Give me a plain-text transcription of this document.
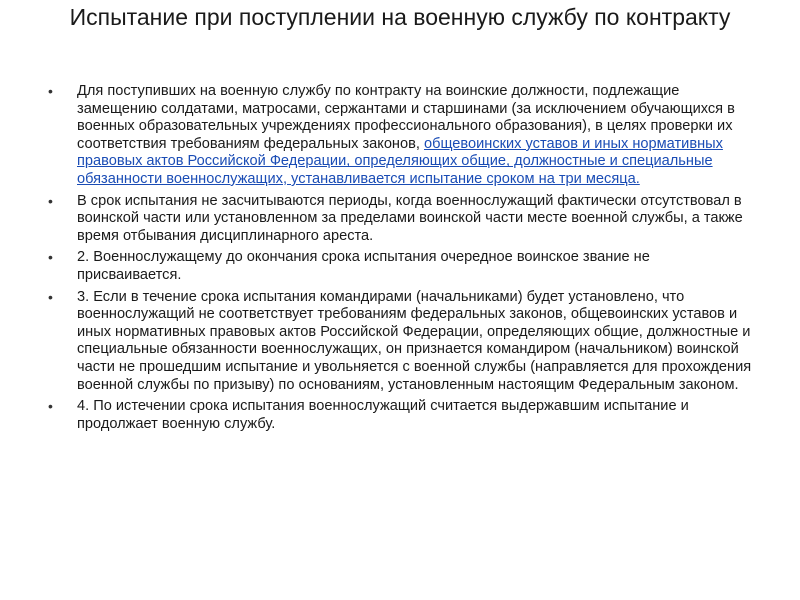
Испытание при поступлении на военную службу по контракту
• Для поступивших на военную службу по контракту на воинские должности, подлежащие замещению солдатами, матросами, сержантами и старшинами (за исключением обучающихся в военных образовательных учреждениях профессионального образования), в целях проверки их соответствия требованиям федеральных законов, общевоинских уставов и иных нормативных правовых актов Российской Федерации, определяющих общие, должностные и специальные обязанности военнослужащих, устанавливается испытание сроком на три месяца.
• В срок испытания не засчитываются периоды, когда военнослужащий фактически отсутствовал в воинской части или установленном за пределами воинской части месте военной службы, а также время отбывания дисциплинарного ареста.
• 2. Военнослужащему до окончания срока испытания очередное воинское звание не присваивается.
• 3. Если в течение срока испытания командирами (начальниками) будет установлено, что военнослужащий не соответствует требованиям федеральных законов, общевоинских уставов и иных нормативных правовых актов Российской Федерации, определяющих общие, должностные и специальные обязанности военнослужащих, он признается командиром (начальником) воинской части не прошедшим испытание и увольняется с военной службы (направляется для прохождения военной службы по призыву) по основаниям, установленным настоящим Федеральным законом.
• 4. По истечении срока испытания военнослужащий считается выдержавшим испытание и продолжает военную службу.
